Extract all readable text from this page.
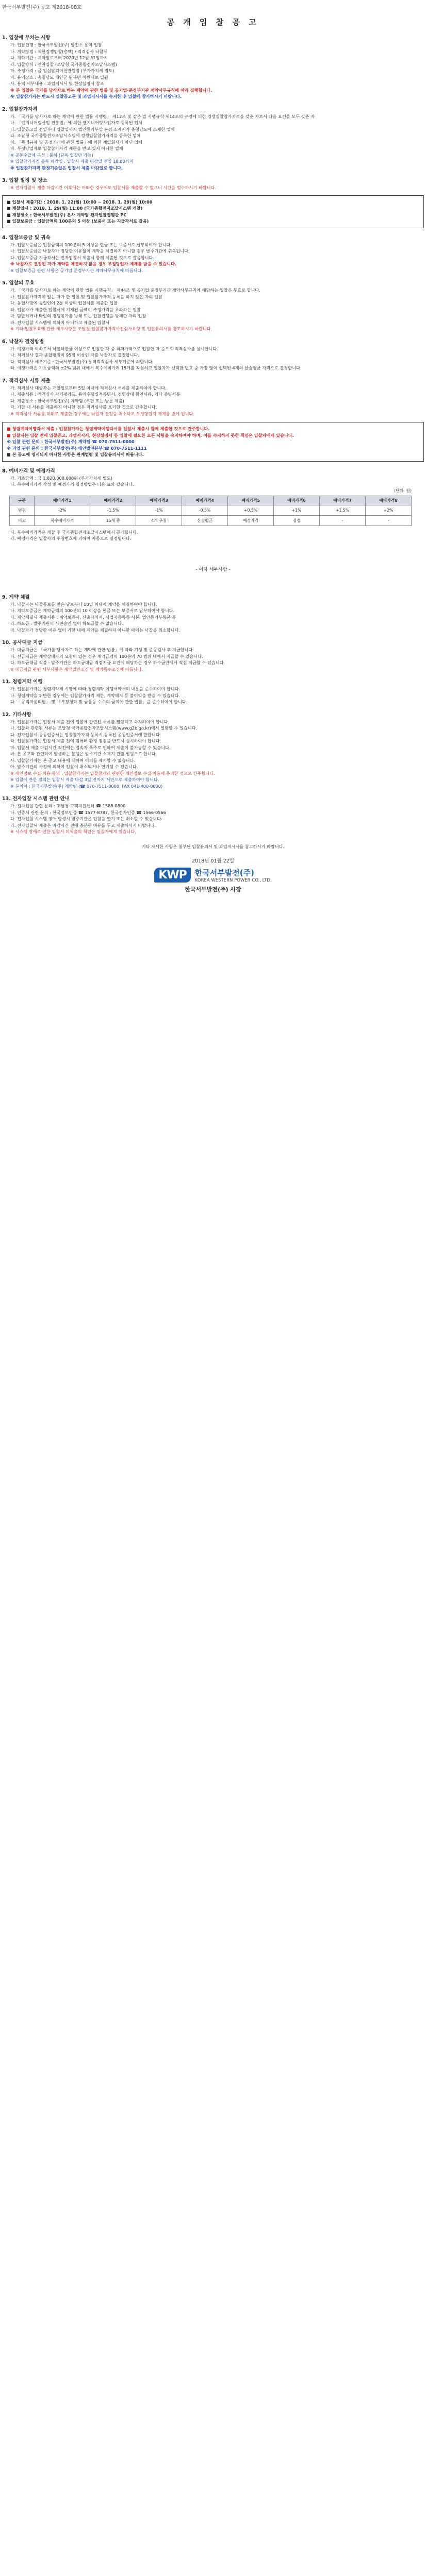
한국서부발전(주) 공고 제2018-08호
공 개 입 찰 공 고
1. 입찰에 부치는 사항
가. 입찰건명 : 한국서부발전(주) 발전소 용역 입찰
나. 계약방법 : 제한경쟁입찰(총액) / 적격심사 낙찰제
다. 계약기간 : 계약일로부터 2020년 12월 31일까지
라. 입찰방식 : 전자입찰 (조달청 국가종합전자조달시스템)
마. 추정가격 : 금 일십팔억이천만원정 (부가가치세 별도)
바. 용역장소 : 충청남도 태안군 원북면 이원대로 일원
사. 용역 세부내용 : 과업지시서 및 현장설명서 참조
※ 본 입찰은 국가를 당사자로 하는 계약에 관한 법률 및 공기업·준정부기관 계약사무규칙에 따라 집행합니다.
※ 입찰참가자는 반드시 입찰공고문 및 과업지시서를 숙지한 후 입찰에 참가하시기 바랍니다.
2. 입찰참가자격
가. 「국가를 당사자로 하는 계약에 관한 법률 시행령」 제12조 및 같은 법 시행규칙 제14조의 규정에 의한 경쟁입찰참가자격을 갖춘 자로서 다음 요건을 모두 갖춘 자
나. 「엔지니어링산업 진흥법」에 의한 엔지니어링사업자로 등록된 업체
다. 입찰공고일 전일부터 입찰일까지 법인등기부상 본점 소재지가 충청남도에 소재한 업체
라. 조달청 국가종합전자조달시스템에 경쟁입찰참가자격을 등록한 업체
마. 「독점규제 및 공정거래에 관한 법률」에 의한 계열회사가 아닌 업체
바. 부정당업자로 입찰참가자격 제한을 받고 있지 아니한 업체
※ 공동수급체 구성 : 불허 (단독 입찰만 가능)
※ 입찰참가자격 등록 마감일 : 입찰서 제출 마감일 전일 18:00까지
※ 입찰참가자격 판정기준일은 입찰서 제출 마감일로 합니다.
3. 입찰 일정 및 장소
※ 전자입찰서 제출 마감시간 이후에는 어떠한 경우에도 입찰서를 제출할 수 없으니 시간을 엄수하시기 바랍니다.
■ 입찰서 제출기간 : 2018. 1. 22(월) 10:00 ~ 2018. 1. 29(월) 10:00
■ 개찰일시 : 2018. 1. 29(월) 11:00 (국가종합전자조달시스템 개찰)
■ 개찰장소 : 한국서부발전(주) 본사 계약팀 전자입찰집행관 PC
■ 입찰보증금 : 입찰금액의 100분의 5 이상 (보증서 또는 지급각서로 갈음)
4. 입찰보증금 및 귀속
가. 입찰보증금은 입찰금액의 100분의 5 이상을 현금 또는 보증서로 납부하여야 합니다.
나. 입찰보증금은 낙찰자가 정당한 이유없이 계약을 체결하지 아니할 경우 발주기관에 귀속됩니다.
다. 입찰보증금 지급각서는 전자입찰서 제출시 함께 제출된 것으로 갈음합니다.
※ 낙찰자로 결정된 자가 계약을 체결하지 않을 경우 부정당업자 제재를 받을 수 있습니다.
※ 입찰보증금 관련 사항은 공기업·준정부기관 계약사무규칙에 따릅니다.
5. 입찰의 무효
가. 「국가를 당사자로 하는 계약에 관한 법률 시행규칙」 제44조 및 공기업·준정부기관 계약사무규칙에 해당하는 입찰은 무효로 합니다.
나. 입찰참가자격이 없는 자가 한 입찰 및 입찰참가자격 등록을 하지 않은 자의 입찰
다. 동일사항에 동일인이 2통 이상의 입찰서를 제출한 입찰
라. 입찰자가 제출한 입찰서에 기재된 금액이 추정가격을 초과하는 입찰
마. 담합하거나 타인의 경쟁참가를 방해 또는 입찰집행을 방해한 자의 입찰
바. 전자입찰 시스템에 의하지 아니하고 제출된 입찰서
※ 기타 입찰무효에 관한 세부사항은 조달청 입찰참가자격사전심사요령 및 입찰유의서를 참고하시기 바랍니다.
6. 낙찰자 결정방법
가. 예정가격 이하로서 낙찰하한율 이상으로 입찰한 자 중 최저가격으로 입찰한 자 순으로 적격심사를 실시합니다.
나. 적격심사 결과 종합평점이 95점 이상인 자를 낙찰자로 결정합니다.
다. 적격심사 세부기준 : 한국서부발전(주) 용역적격심사 세부기준에 의합니다.
라. 예정가격은 기초금액의 ±2% 범위 내에서 복수예비가격 15개를 작성하고 입찰자가 선택한 번호 중 가장 많이 선택된 4개의 산술평균 가격으로 결정합니다.
7. 적격심사 서류 제출
가. 적격심사 대상자는 개찰일로부터 5일 이내에 적격심사 서류를 제출하여야 합니다.
나. 제출서류 : 적격심사 자기평가표, 용역수행실적증명서, 경영상태 확인서류, 기타 증빙서류
다. 제출장소 : 한국서부발전(주) 계약팀 (우편 또는 방문 제출)
라. 기한 내 서류를 제출하지 아니한 경우 적격심사를 포기한 것으로 간주합니다.
※ 적격심사 서류를 허위로 제출한 경우에는 낙찰자 결정을 취소하고 부정당업자 제재를 받게 됩니다.
■ 청렴계약이행각서 제출 : 입찰참가자는 청렴계약이행각서를 입찰서 제출시 함께 제출한 것으로 간주합니다.
■ 입찰자는 입찰 전에 입찰공고, 과업지시서, 현장설명서 등 입찰에 필요한 모든 사항을 숙지하여야 하며, 이를 숙지하지 못한 책임은 입찰자에게 있습니다.
※ 입찰 관련 문의 : 한국서부발전(주) 계약팀 ☎ 070-7511-0000
※ 과업 관련 문의 : 한국서부발전(주) 태안발전본부 ☎ 070-7511-1111
■ 본 공고에 명시되지 아니한 사항은 관계법령 및 입찰유의서에 따릅니다.
8. 예비가격 및 예정가격
가. 기초금액 : 금 1,820,000,000원 (부가가치세 별도)
나. 복수예비가격 작성 및 예정가격 결정방법은 다음 표와 같습니다.
(단위: 원)
구분	예비가격1	예비가격2	예비가격3	예비가격4	예비가격5	예비가격6	예비가격7	예비가격8
범위	-2%	-1.5%	-1%	-0.5%	+0.5%	+1%	+1.5%	+2%
비고	복수예비가격	15개 중	4개 추첨	산술평균	예정가격	결정	-	-
다. 복수예비가격은 개찰 후 국가종합전자조달시스템에서 공개합니다.
라. 예정가격은 입찰자의 추첨번호에 의하여 자동으로 결정됩니다.
- 이하 세부사항 -
9. 계약 체결
가. 낙찰자는 낙찰통보를 받은 날로부터 10일 이내에 계약을 체결하여야 합니다.
나. 계약보증금은 계약금액의 100분의 10 이상을 현금 또는 보증서로 납부하여야 합니다.
다. 계약체결시 제출서류 : 계약보증서, 산출내역서, 사업자등록증 사본, 법인등기부등본 등
라. 하도급 : 발주기관의 사전승인 없이 하도급할 수 없습니다.
마. 낙찰자가 정당한 이유 없이 기한 내에 계약을 체결하지 아니한 때에는 낙찰을 취소합니다.
10. 공사대금 지급
가. 대금지급은 「국가를 당사자로 하는 계약에 관한 법률」에 따라 기성 및 준공검사 후 지급합니다.
나. 선금지급은 계약상대자의 요청이 있는 경우 계약금액의 100분의 70 범위 내에서 지급할 수 있습니다.
다. 하도급대금 직불 : 발주기관은 하도급대금 직접지급 요건에 해당하는 경우 하수급인에게 직접 지급할 수 있습니다.
※ 대금지급 관련 세부사항은 계약일반조건 및 계약특수조건에 따릅니다.
11. 청렴계약 이행
가. 입찰참가자는 청렴계약제 시행에 따라 청렴계약 이행서약서의 내용을 준수하여야 합니다.
나. 청렴계약을 위반한 경우에는 입찰참가자격 제한, 계약해지 등 불이익을 받을 수 있습니다.
다. 「공직자윤리법」 및 「부정청탁 및 금품등 수수의 금지에 관한 법률」을 준수하여야 합니다.
12. 기타사항
가. 입찰참가자는 입찰서 제출 전에 입찰에 관련된 서류를 열람하고 숙지하여야 합니다.
나. 입찰과 관련된 서류는 조달청 국가종합전자조달시스템(www.g2b.go.kr)에서 열람할 수 있습니다.
다. 전자입찰시 공동인증서는 입찰참가자격 등록시 등록된 공동인증서에 한합니다.
라. 입찰참가자는 입찰서 제출 전에 컴퓨터 환경 점검을 반드시 실시하여야 합니다.
마. 입찰서 제출 마감시간 직전에는 접속자 폭주로 인하여 제출이 불가능할 수 있습니다.
바. 본 공고와 관련하여 발생하는 분쟁은 발주기관 소재지 관할 법원으로 합니다.
사. 입찰참가자는 본 공고 내용에 대하여 이의를 제기할 수 없습니다.
아. 발주기관의 사정에 의하여 입찰이 취소되거나 연기될 수 있습니다.
※ 개인정보 수집·이용 동의 : 입찰참가자는 입찰참가와 관련한 개인정보 수집·이용에 동의한 것으로 간주합니다.
※ 입찰에 관한 질의는 입찰서 제출 마감 3일 전까지 서면으로 제출하여야 합니다.
※ 문의처 : 한국서부발전(주) 계약팀 (☎ 070-7511-0000, FAX 041-400-0000)
13. 전자입찰 시스템 관련 안내
가. 전자입찰 관련 문의 : 조달청 고객지원센터 ☎ 1588-0800
나. 인증서 관련 문의 : 한국정보인증 ☎ 1577-8787, 한국전자인증 ☎ 1566-0566
다. 전자입찰 시스템 장애 발생시 발주기관은 입찰을 연기 또는 취소할 수 있습니다.
라. 전자입찰서 제출은 마감시간 전에 충분한 여유를 두고 제출하시기 바랍니다.
※ 시스템 장애로 인한 입찰서 미제출의 책임은 입찰자에게 있습니다.
기타 자세한 사항은 첨부된 입찰유의서 및 과업지시서를 참고하시기 바랍니다.
2018년 01월 22일
KWP	한국서부발전(주)
KOREA WESTERN POWER CO., LTD.
한국서부발전(주) 사장
